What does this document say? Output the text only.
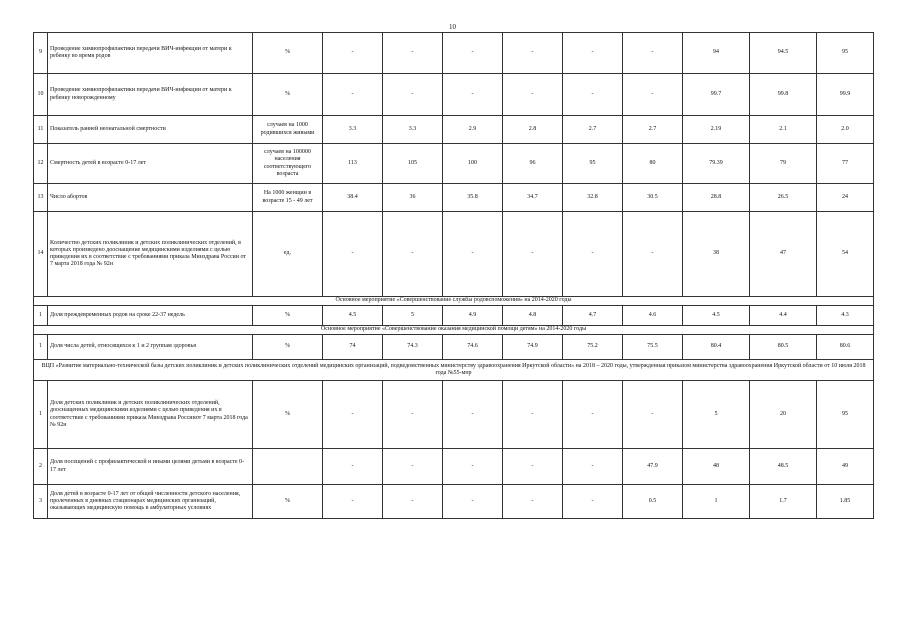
10
9	Проведение химиопрофилактики передачи ВИЧ-инфекции от матери к ребенку во время родов	%	-	-	-	-	-	-	94	94.5	95
10	Проведение химиопрофилактики передачи ВИЧ-инфекции от матери к ребенку новорожденному	%	-	-	-	-	-	-	99.7	99.8	99.9
11	Показатель ранней неонатальной смертности	случаев на 1000 родившихся живыми	3.3	3.3	2.9	2.8	2.7	2.7	2.19	2.1	2.0
12	Смертность детей в возрасте 0-17 лет	случаев на 100000 населения соответствующего возраста	113	105	100	96	95	80	79.39	79	77
13	Число абортов	На 1000 женщин в возрасте 15 - 49 лет	38.4	36	35.8	34.7	32.8	30.5	28.8	26.5	24
14	Количество детских поликлиник и детских поликлинических отделений, в которых произведено дооснащение медицинскими изделиями с целью приведения их в соответствие с требованиями приказа Минздрава России от 7 марта 2018 года № 92н	ед.	-	-	-	-	-	-	38	47	54
Основное мероприятие «Совершенствование службы родовспоможения» на 2014-2020 годы											
1	Доля преждевременных родов на сроке 22-37 недель	%	4.5	5	4.9	4.8	4.7	4.6	4.5	4.4	4.3
Основное мероприятие «Совершенствование оказания медицинской помощи детям» на 2014-2020 годы											
1	Доля числа детей, относящихся к 1 и 2 группам здоровья	%	74	74.3	74.6	74.9	75.2	75.5	80.4	80.5	80.6
ВЦП «Развитие материально-технической базы детских поликлиник и детских поликлинических отделений медицинских организаций, подведомственных министерству здравоохранения Иркутской области» на 2018 – 2020 годы, утвержденная приказом министерства здравоохранения Иркутской области от 10 июля 2018 года №55-мпр											
1	Доля детских поликлиник и детских поликлинических отделений, дооснащенных медицинскими изделиями с целью приведения их в соответствие с требованиями приказа Минздрава Россииот 7 марта 2018 года № 92н	%	-	-	-	-	-	-	5	20	95
2	Доля посещений с профилактической и иными целями детьми в возрасте 0-17 лет		-	-	-	-	-	47.9	48	48.5	49
3	Доля детей в возрасте 0-17 лет от общей численности детского населения, пролеченных в дневных стационарах медицинских организаций, оказывающих медицинскую помощь в амбулаторных условиях	%	-	-	-	-	-	0.5	1	1.7	1.85
